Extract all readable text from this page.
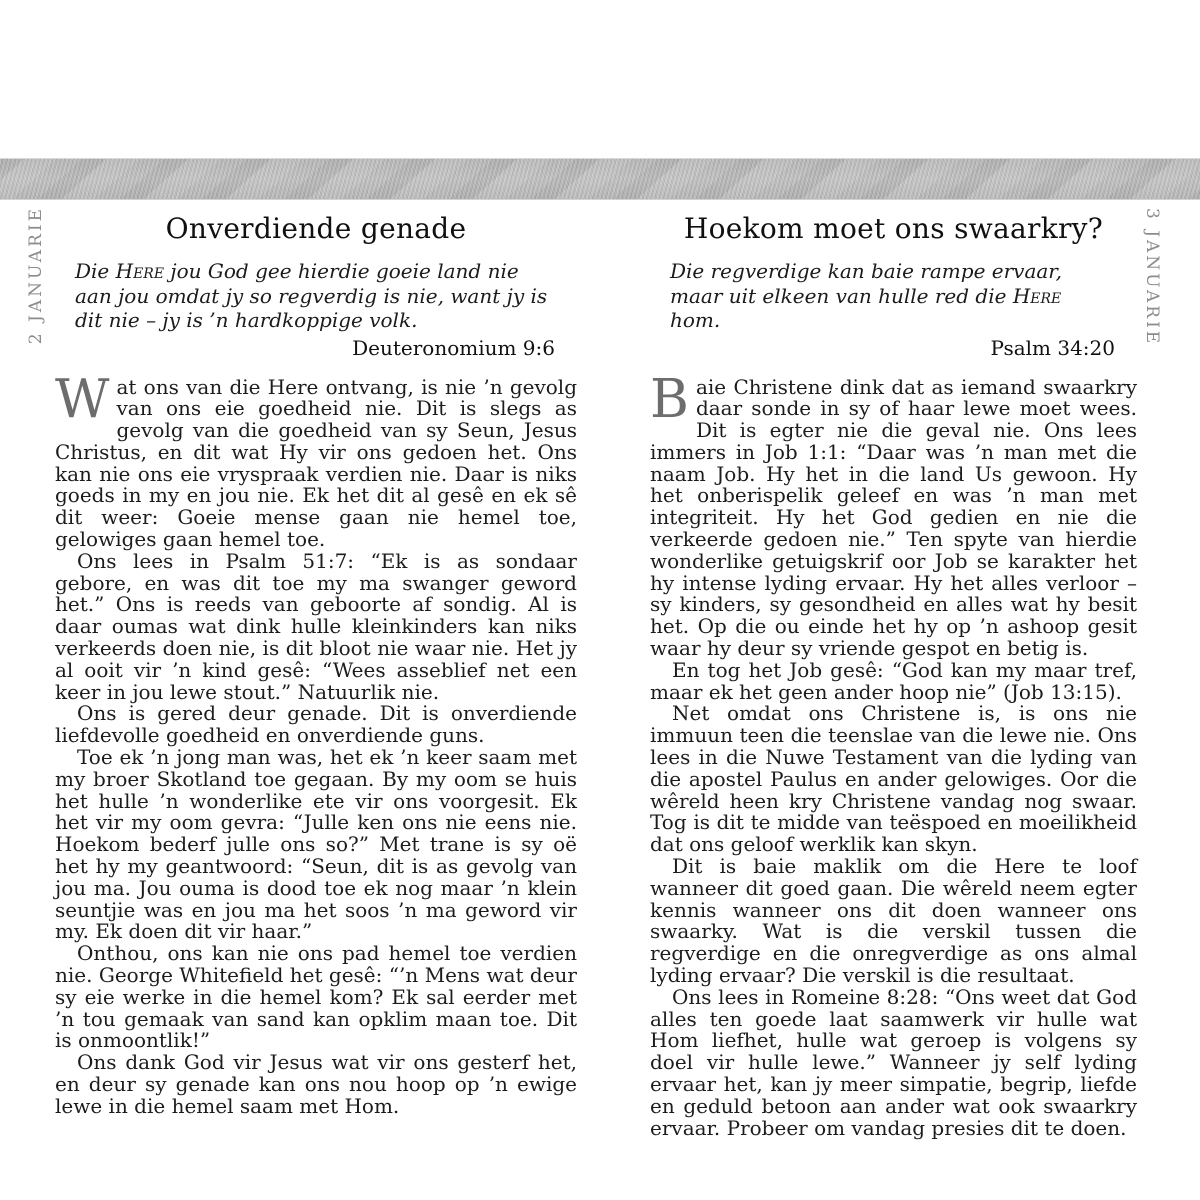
2 JANUARIE	3 JANUARIE
Onverdiende genade
Die Here jou God gee hierdie goeie land nie aan jou omdat jy so regverdig is nie, want jy is dit nie – jy is ’n hardkoppige volk.
Deuteronomium 9:6

Wat ons van die Here ontvang, is nie ’n gevolg van ons eie goedheid nie. Dit is slegs as gevolg van die goedheid van sy Seun, Jesus Christus, en dit wat Hy vir ons gedoen het. Ons kan nie ons eie vryspraak verdien nie. Daar is niks goeds in my en jou nie. Ek het dit al gesê en ek sê dit weer: Goeie mense gaan nie hemel toe, gelowiges gaan hemel toe.

Ons lees in Psalm 51:7: “Ek is as sondaar gebore, en was dit toe my ma swanger geword het.” Ons is reeds van geboorte af sondig. Al is daar oumas wat dink hulle kleinkinders kan niks verkeerds doen nie, is dit bloot nie waar nie. Het jy al ooit vir ’n kind gesê: “Wees asseblief net een keer in jou lewe stout.” Natuurlik nie.

Ons is gered deur genade. Dit is onverdiende liefdevolle goedheid en onverdiende guns.

Toe ek ’n jong man was, het ek ’n keer saam met my broer Skotland toe gegaan. By my oom se huis het hulle ’n wonderlike ete vir ons voorgesit. Ek het vir my oom gevra: “Julle ken ons nie eens nie. Hoekom bederf julle ons so?” Met trane is sy oë het hy my geantwoord: “Seun, dit is as gevolg van jou ma. Jou ouma is dood toe ek nog maar ’n klein seuntjie was en jou ma het soos ’n ma geword vir my. Ek doen dit vir haar.”

Onthou, ons kan nie ons pad hemel toe verdien nie. George Whitefield het gesê: “’n Mens wat deur sy eie werke in die hemel kom? Ek sal eerder met ’n tou gemaak van sand kan opklim maan toe. Dit is onmoontlik!”

Ons dank God vir Jesus wat vir ons gesterf het, en deur sy genade kan ons nou hoop op ’n ewige lewe in die hemel saam met Hom.

Hoekom moet ons swaarkry?
Die regverdige kan baie rampe ervaar, maar uit elkeen van hulle red die Here hom.
Psalm 34:20

Baie Christene dink dat as iemand swaarkry daar sonde in sy of haar lewe moet wees. Dit is egter nie die geval nie. Ons lees immers in Job 1:1: “Daar was ’n man met die naam Job. Hy het in die land Us gewoon. Hy het onberispelik geleef en was ’n man met integriteit. Hy het God gedien en nie die verkeerde gedoen nie.” Ten spyte van hierdie wonderlike getuigskrif oor Job se karakter het hy intense lyding ervaar. Hy het alles verloor – sy kinders, sy gesondheid en alles wat hy besit het. Op die ou einde het hy op ’n ashoop gesit waar hy deur sy vriende gespot en betig is.

En tog het Job gesê: “God kan my maar tref, maar ek het geen ander hoop nie” (Job 13:15).

Net omdat ons Christene is, is ons nie immuun teen die teenslae van die lewe nie. Ons lees in die Nuwe Testament van die lyding van die apostel Paulus en ander gelowiges. Oor die wêreld heen kry Christene vandag nog swaar. Tog is dit te midde van teëspoed en moeilikheid dat ons geloof werklik kan skyn.

Dit is baie maklik om die Here te loof wanneer dit goed gaan. Die wêreld neem egter kennis wanneer ons dit doen wanneer ons swaarky. Wat is die verskil tussen die regverdige en die onregverdige as ons almal lyding ervaar? Die verskil is die resultaat.

Ons lees in Romeine 8:28: “Ons weet dat God alles ten goede laat saamwerk vir hulle wat Hom liefhet, hulle wat geroep is volgens sy doel vir hulle lewe.” Wanneer jy self lyding ervaar het, kan jy meer simpatie, begrip, liefde en geduld betoon aan ander wat ook swaarkry ervaar. Probeer om vandag presies dit te doen.
